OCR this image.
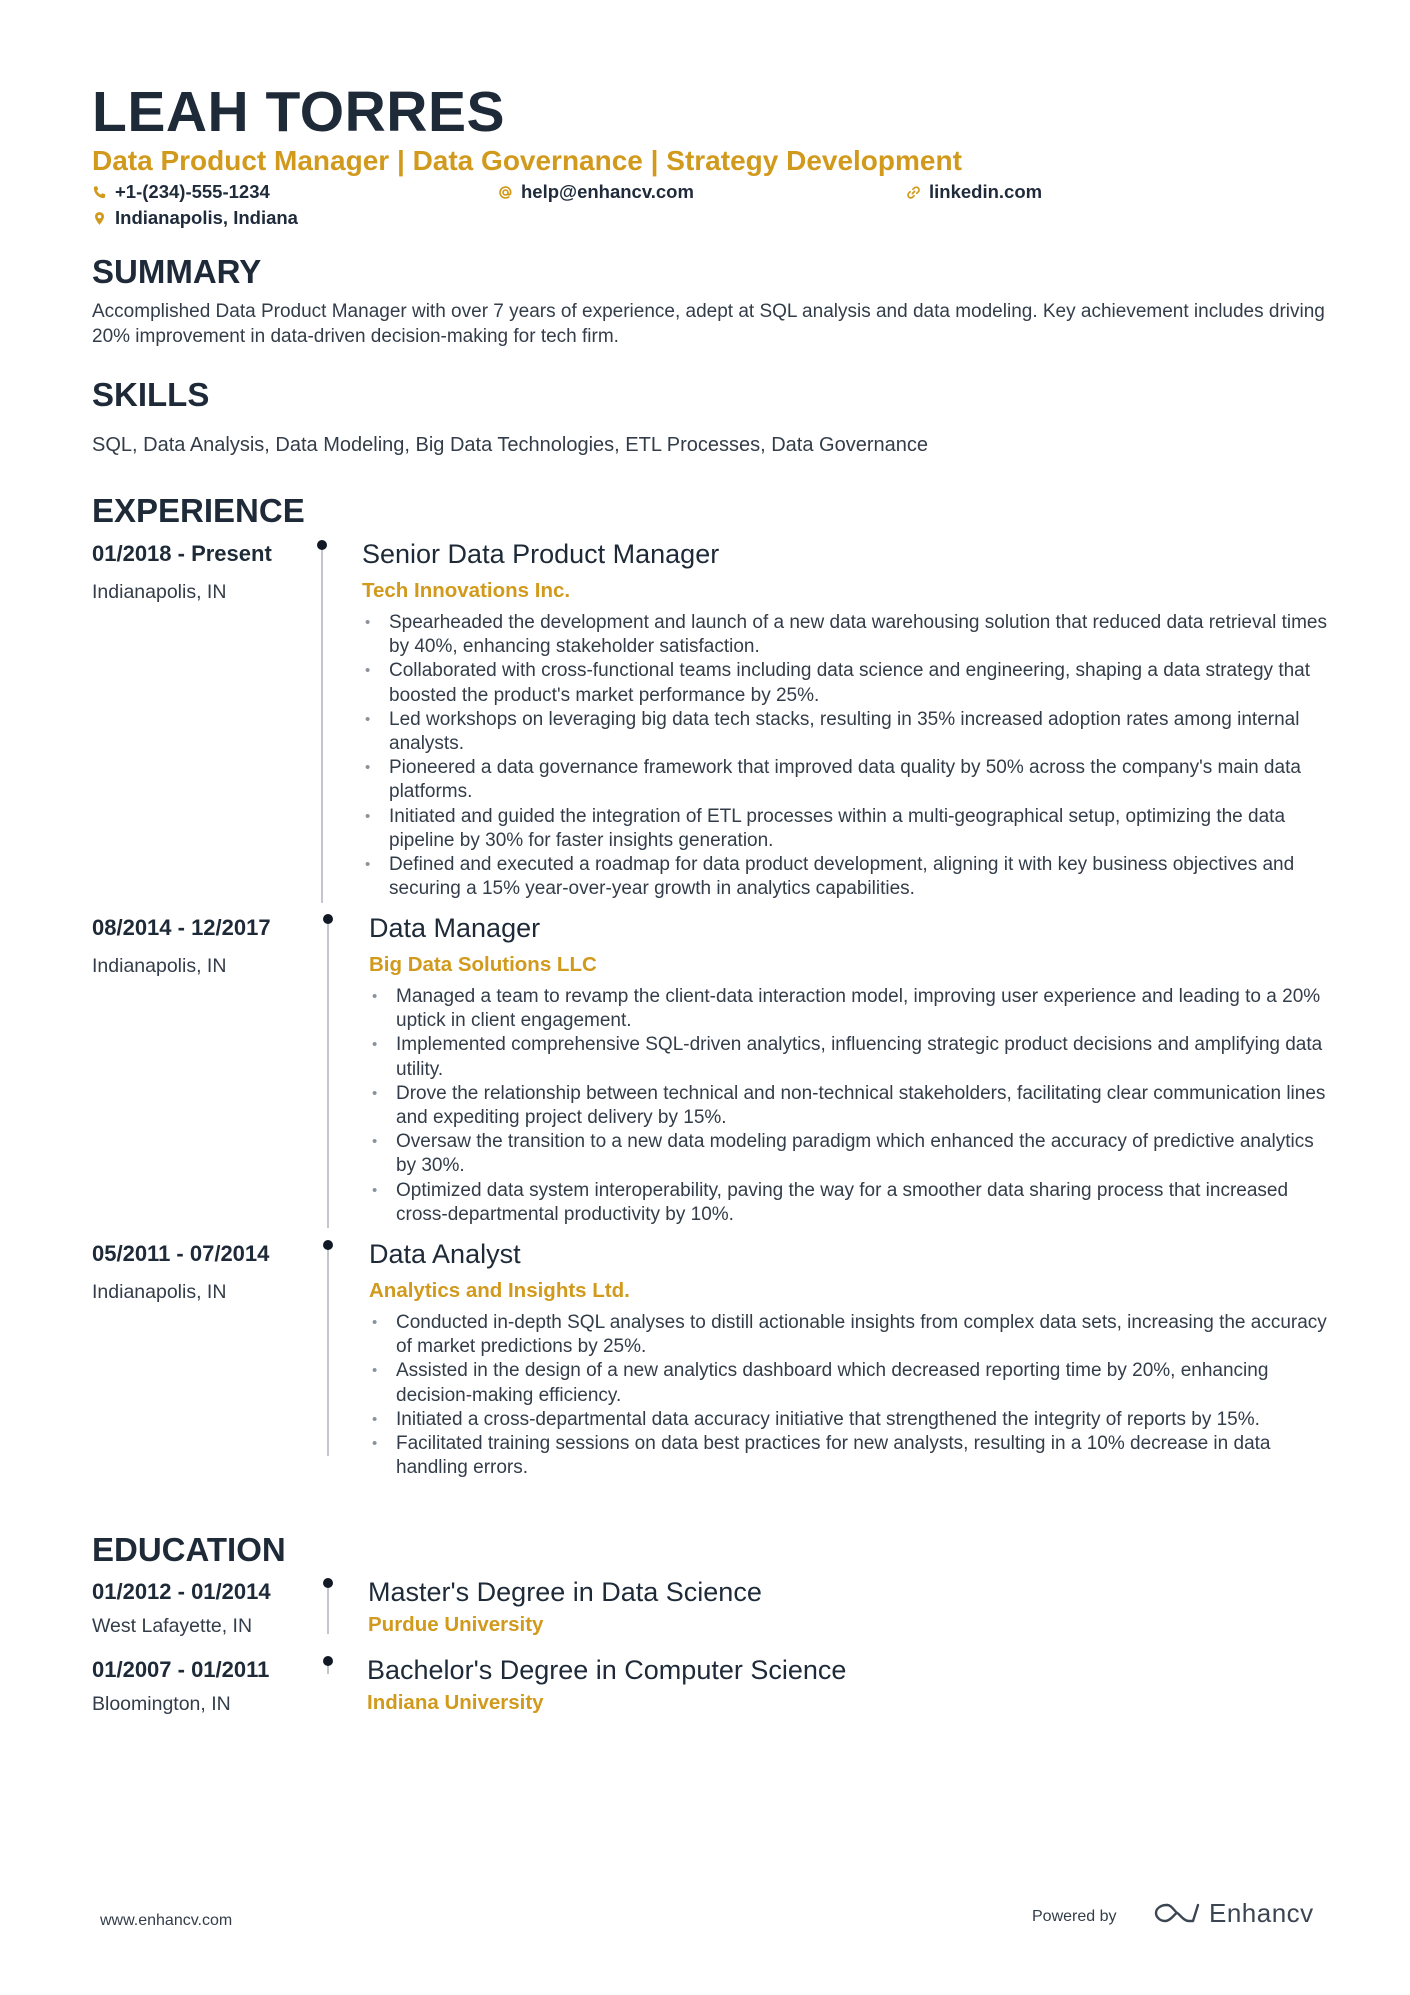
LEAH TORRES
Data Product Manager | Data Governance | Strategy Development
+1-(234)-555-1234	help@enhancv.com	linkedin.com
Indianapolis, Indiana
SUMMARY
Accomplished Data Product Manager with over 7 years of experience, adept at SQL analysis and data modeling. Key achievement includes driving 20% improvement in data-driven decision-making for tech firm.
SKILLS
SQL, Data Analysis, Data Modeling, Big Data Technologies, ETL Processes, Data Governance
EXPERIENCE
01/2018 - Present
Indianapolis, IN
Senior Data Product Manager
Tech Innovations Inc.
• Spearheaded the development and launch of a new data warehousing solution that reduced data retrieval times by 40%, enhancing stakeholder satisfaction.
• Collaborated with cross-functional teams including data science and engineering, shaping a data strategy that boosted the product's market performance by 25%.
• Led workshops on leveraging big data tech stacks, resulting in 35% increased adoption rates among internal analysts.
• Pioneered a data governance framework that improved data quality by 50% across the company's main data platforms.
• Initiated and guided the integration of ETL processes within a multi-geographical setup, optimizing the data pipeline by 30% for faster insights generation.
• Defined and executed a roadmap for data product development, aligning it with key business objectives and securing a 15% year-over-year growth in analytics capabilities.
08/2014 - 12/2017
Indianapolis, IN
Data Manager
Big Data Solutions LLC
• Managed a team to revamp the client-data interaction model, improving user experience and leading to a 20% uptick in client engagement.
• Implemented comprehensive SQL-driven analytics, influencing strategic product decisions and amplifying data utility.
• Drove the relationship between technical and non-technical stakeholders, facilitating clear communication lines and expediting project delivery by 15%.
• Oversaw the transition to a new data modeling paradigm which enhanced the accuracy of predictive analytics by 30%.
• Optimized data system interoperability, paving the way for a smoother data sharing process that increased cross-departmental productivity by 10%.
05/2011 - 07/2014
Indianapolis, IN
Data Analyst
Analytics and Insights Ltd.
• Conducted in-depth SQL analyses to distill actionable insights from complex data sets, increasing the accuracy of market predictions by 25%.
• Assisted in the design of a new analytics dashboard which decreased reporting time by 20%, enhancing decision-making efficiency.
• Initiated a cross-departmental data accuracy initiative that strengthened the integrity of reports by 15%.
• Facilitated training sessions on data best practices for new analysts, resulting in a 10% decrease in data handling errors.
EDUCATION
01/2012 - 01/2014
West Lafayette, IN
Master's Degree in Data Science
Purdue University
01/2007 - 01/2011
Bloomington, IN
Bachelor's Degree in Computer Science
Indiana University
www.enhancv.com	Powered by	Enhancv
